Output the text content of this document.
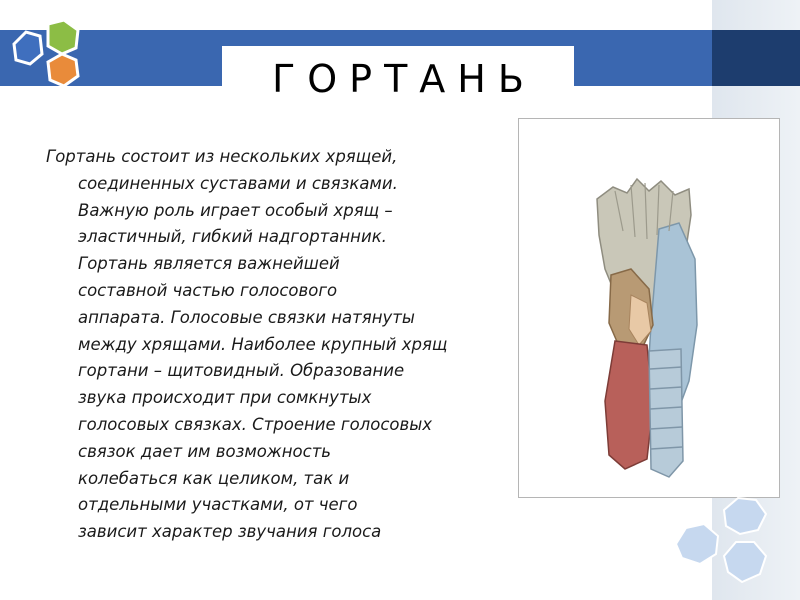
ГОРТАНЬ

Гортань состоит из нескольких хрящей,
соединенных суставами и связками.
Важную роль играет особый хрящ –
эластичный, гибкий надгортанник.
Гортань является важнейшей
составной частью голосового
аппарата. Голосовые связки натянуты
между хрящами. Наиболее крупный хрящ
гортани – щитовидный. Образование
звука происходит при сомкнутых
голосовых связках. Строение голосовых
связок дает им возможность
колебаться как целиком, так и
отдельными участками, от чего
зависит характер звучания голоса
